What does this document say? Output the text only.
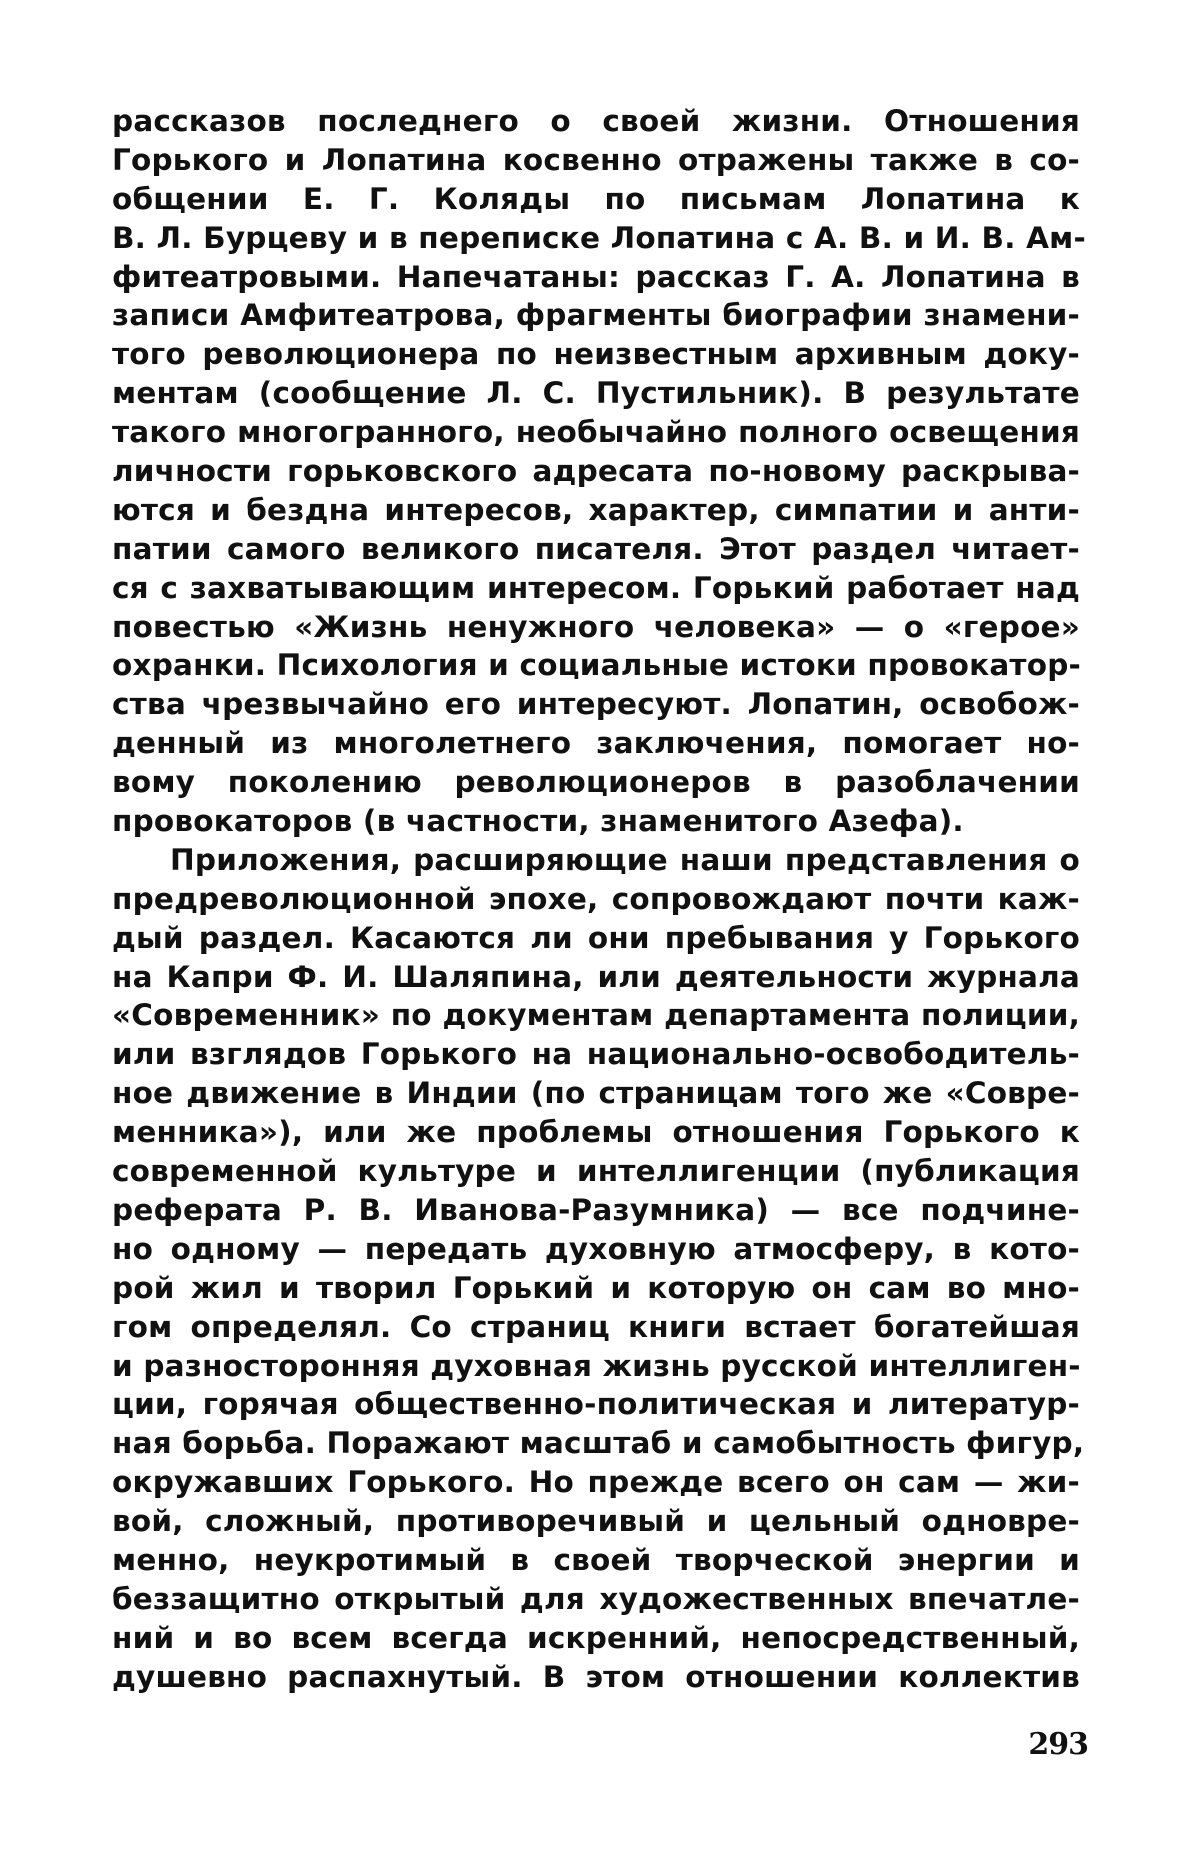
рассказов последнего о своей жизни. Отношения
Горького и Лопатина косвенно отражены также в со-
общении Е. Г. Коляды по письмам Лопатина к
В. Л. Бурцеву и в переписке Лопатина с А. В. и И. В. Ам-
фитеатровыми. Напечатаны: рассказ Г. А. Лопатина в
записи Амфитеатрова, фрагменты биографии знамени-
того революционера по неизвестным архивным доку-
ментам (сообщение Л. С. Пустильник). В результате
такого многогранного, необычайно полного освещения
личности горьковского адресата по-новому раскрыва-
ются и бездна интересов, характер, симпатии и анти-
патии самого великого писателя. Этот раздел читает-
ся с захватывающим интересом. Горький работает над
повестью «Жизнь ненужного человека» — о «герое»
охранки. Психология и социальные истоки провокатор-
ства чрезвычайно его интересуют. Лопатин, освобож-
денный из многолетнего заключения, помогает но-
вому поколению революционеров в разоблачении
провокаторов (в частности, знаменитого Азефа).
Приложения, расширяющие наши представления о
предреволюционной эпохе, сопровождают почти каж-
дый раздел. Касаются ли они пребывания у Горького
на Капри Ф. И. Шаляпина, или деятельности журнала
«Современник» по документам департамента полиции,
или взглядов Горького на национально-освободитель-
ное движение в Индии (по страницам того же «Совре-
менника»), или же проблемы отношения Горького к
современной культуре и интеллигенции (публикация
реферата Р. В. Иванова-Разумника) — все подчине-
но одному — передать духовную атмосферу, в кото-
рой жил и творил Горький и которую он сам во мно-
гом определял. Со страниц книги встает богатейшая
и разносторонняя духовная жизнь русской интеллиген-
ции, горячая общественно-политическая и литератур-
ная борьба. Поражают масштаб и самобытность фигур,
окружавших Горького. Но прежде всего он сам — жи-
вой, сложный, противоречивый и цельный одновре-
менно, неукротимый в своей творческой энергии и
беззащитно открытый для художественных впечатле-
ний и во всем всегда искренний, непосредственный,
душевно распахнутый. В этом отношении коллектив
293
